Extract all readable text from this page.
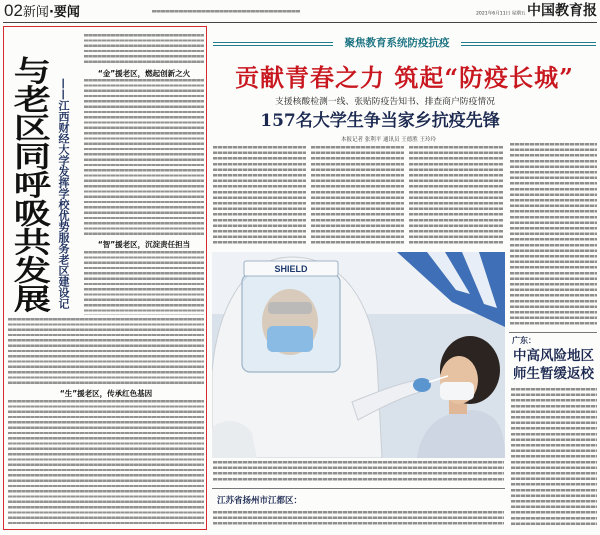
02新闻·要闻	2021年6月11日 星期五 中国教育报
与老区同呼吸共发展 ——江西财经大学发挥学校优势服务老区建设记
“金”援老区，燃起创新之火
“智”援老区，沉淀责任担当
“生”援老区，传承红色基因
聚焦教育系统防疫抗疫
贡献青春之力 筑起“防疫长城”
支援核酸检测一线、张贴防疫告知书、排查商户防疫情况
157名大学生争当家乡抗疫先锋
本报记者 张利平 通讯员 王德胜 王玲玲
SHIELD
江苏省扬州市江都区：
广东：
中高风险地区
师生暂缓返校
